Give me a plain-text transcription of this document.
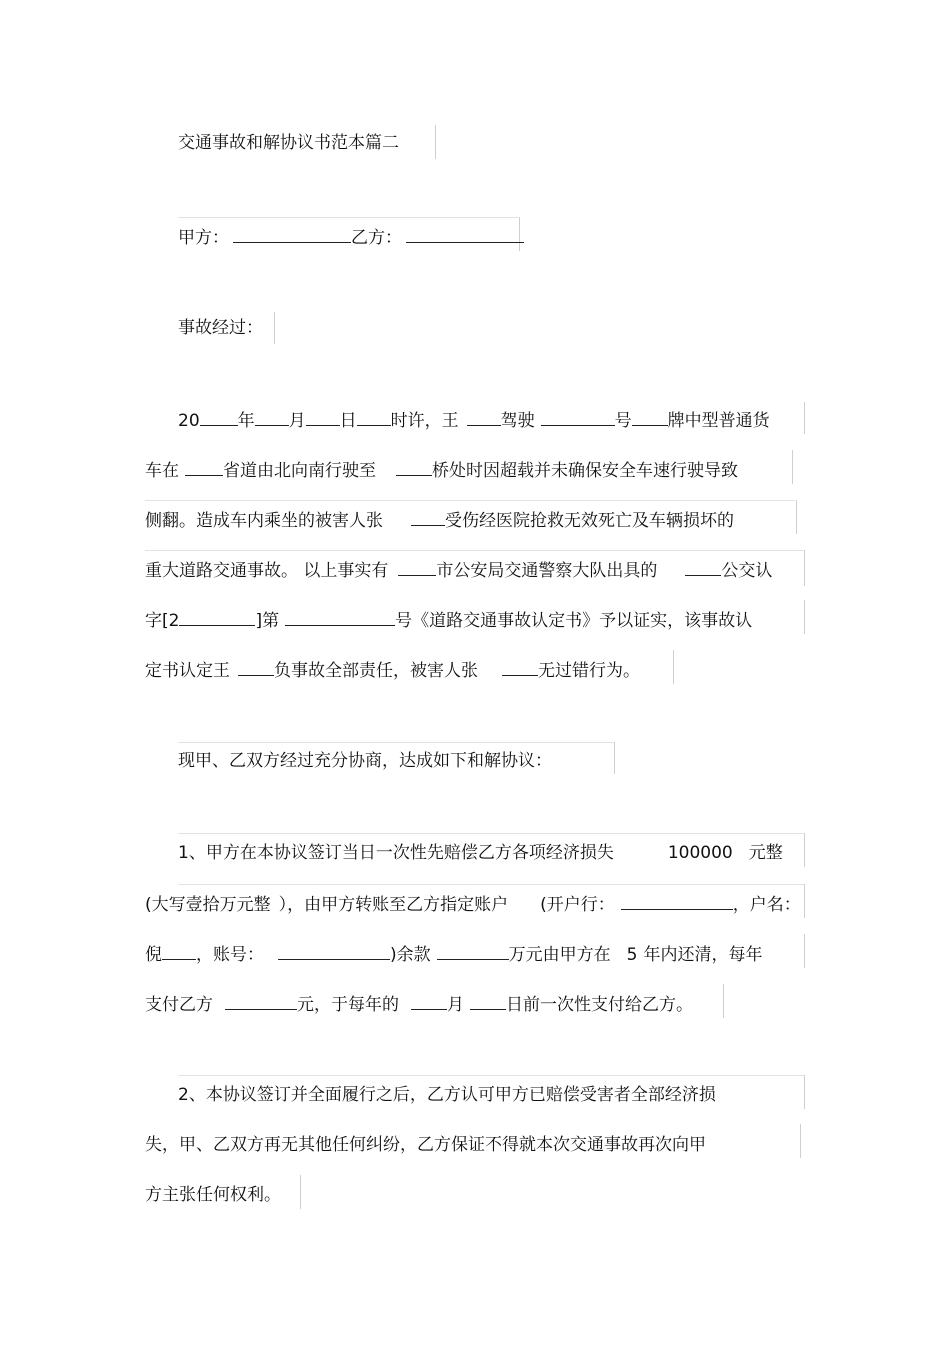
交通事故和解协议书范本篇二
甲方：	乙方：
事故经过：
20 年 月 日 时许，王 驾驶	号 牌中型普通货
车在	省道由北向南行驶至	桥处时因超载并未确保安全车速行驶导致
侧翻。造成车内乘坐的被害人张	受伤经医院抢救无效死亡及车辆损坏的
重大道路交通事故。 以上事实有	市公安局交通警察大队出具的	公交认
字[2	]第	号《道路交通事故认定书》予以证实，该事故认
定书认定王	负事故全部责任，被害人张	无过错行为。
现甲、乙双方经过充分协商，达成如下和解协议：
1、甲方在本协议签订当日一次性先赔偿乙方各项经济损失	100000 元整
(大写壹拾万元整 ），由甲方转账至乙方指定账户 (开户行：	，户名：
倪 ，账号：	)余款	万元由甲方在 5 年内还清，每年
支付乙方	元，于每年的	月 日前一次性支付给乙方。
2、本协议签订并全面履行之后，乙方认可甲方已赔偿受害者全部经济损
失，甲、乙双方再无其他任何纠纷，乙方保证不得就本次交通事故再次向甲
方主张任何权利。
